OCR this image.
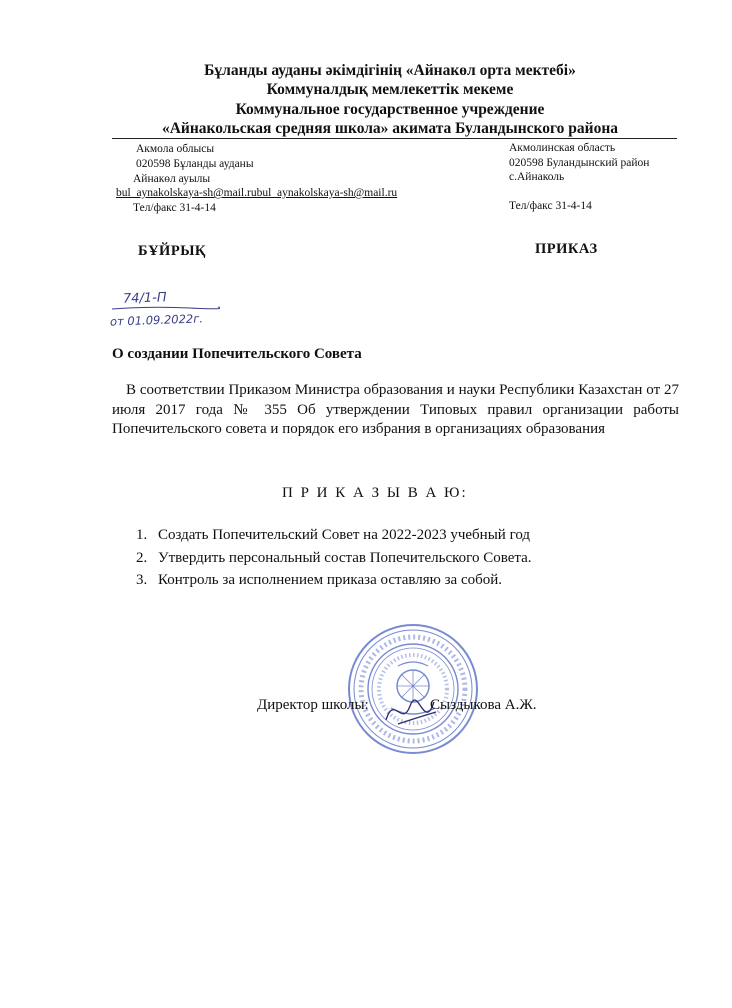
Бұланды ауданы әкімдігінің «Айнакөл орта мектебі»
Коммуналдық мемлекеттік мекеме
Коммунальное государственное учреждение
«Айнакольская средняя школа» акимата Буландынского района
Акмола облысы
020598 Бұланды ауданы
Айнакөл ауылы
bul_aynakolskaya-sh@mail.rubul_aynakolskaya-sh@mail.ru
Тел/факс 31-4-14
Акмолинская область
020598 Буландынский район
с.Айнаколь
Тел/факс 31-4-14
БҰЙРЫҚ	ПРИКАЗ
74/1-П
от 01.09.2022г.
О создании Попечительского Совета
В соответствии Приказом Министра образования и науки Республики Казахстан от 27 июля 2017 года № 355 Об утверждении Типовых правил организации работы Попечительского совета и порядок его избрания в организациях образования
П Р И К А З Ы В А Ю:
1. Создать Попечительский Совет на 2022-2023 учебный год
2. Утвердить персональный состав Попечительского Совета.
3. Контроль за исполнением приказа оставляю за собой.
Директор школы:	Сыздыкова А.Ж.
